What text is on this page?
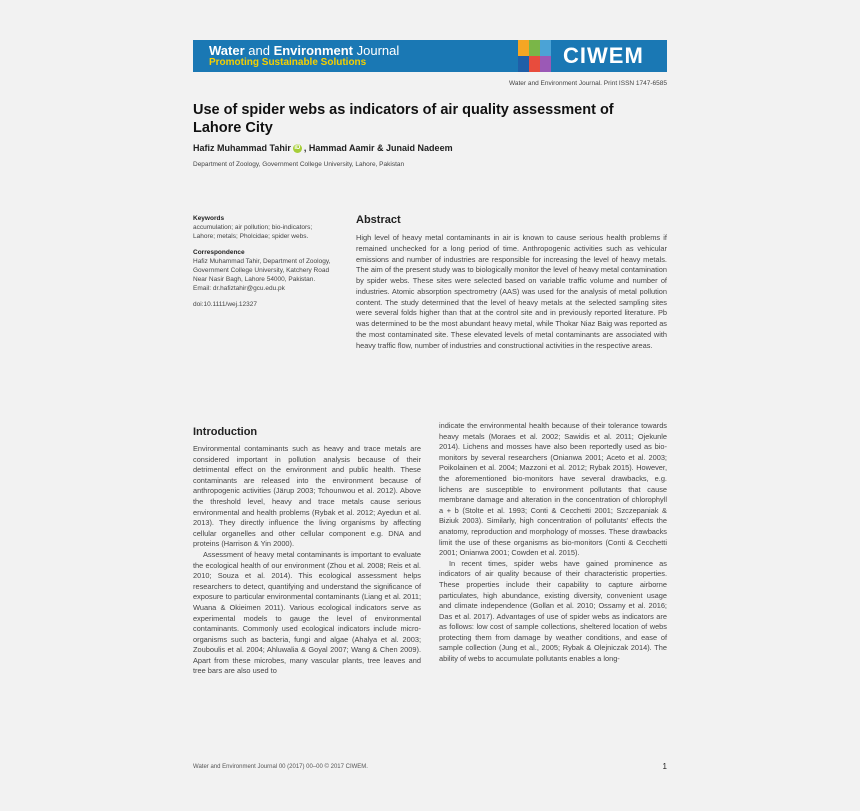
Water and Environment Journal
Promoting Sustainable Solutions	CIWEM
Water and Environment Journal. Print ISSN 1747-6585
Use of spider webs as indicators of air quality assessment of Lahore City
Hafiz Muhammad Tahir iD , Hammad Aamir & Junaid Nadeem
Department of Zoology, Government College University, Lahore, Pakistan

Keywords

accumulation; air pollution; bio-indicators; Lahore; metals; Pholcidae; spider webs.

Correspondence

Hafiz Muhammad Tahir, Department of Zoology, Government College University, Katchery Road Near Nasir Bagh, Lahore 54000, Pakistan.

Email: dr.hafiztahir@gcu.edu.pk

doi:10.1111/wej.12327

Abstract
High level of heavy metal contaminants in air is known to cause serious health problems if remained unchecked for a long period of time. Anthropogenic activities such as vehicular emissions and number of industries are responsible for increasing the level of heavy metals. The aim of the present study was to biologically monitor the level of heavy metal contamination by spider webs. These sites were selected based on variable traffic volume and number of industries. Atomic absorption spectrometry (AAS) was used for the analysis of metal pollution content. The study determined that the level of heavy metals at the selected sampling sites were several folds higher than that at the control site and in previously reported literature. Pb was determined to be the most abundant heavy metal, while Thokar Niaz Baig was reported as the most contaminated site. These elevated levels of metal contaminants are associated with heavy traffic flow, number of industries and constructional activities in the respective areas.
Introduction

Environmental contaminants such as heavy and trace metals are considered important in pollution analysis because of their detrimental effect on the environment and public health. These contaminants are released into the environment because of anthropogenic activities (Järup 2003; Tchounwou et al. 2012). Above the threshold level, heavy and trace metals cause serious environmental and health problems (Rybak et al. 2012; Ayedun et al. 2013). They directly influence the living organisms by affecting cellular organelles and other cellular component e.g. DNA and proteins (Harrison & Yin 2000).

Assessment of heavy metal contaminants is important to evaluate the ecological health of our environment (Zhou et al. 2008; Reis et al. 2010; Souza et al. 2014). This ecological assessment helps researchers to detect, quantifying and understand the significance of exposure to particular environmental contaminants (Liang et al. 2011; Wuana & Okieimen 2011). Various ecological indicators serve as experimental models to gauge the level of environmental contaminants. Commonly used ecological indicators include micro-organisms such as bacteria, fungi and algae (Ahalya et al. 2003; Zouboulis et al. 2004; Ahluwalia & Goyal 2007; Wang & Chen 2009). Apart from these microbes, many vascular plants, tree leaves and tree bars are also used to

indicate the environmental health because of their tolerance towards heavy metals (Moraes et al. 2002; Sawidis et al. 2011; Ojekunle 2014). Lichens and mosses have also been reportedly used as bio-monitors by several researchers (Onianwa 2001; Aceto et al. 2003; Poikolainen et al. 2004; Mazzoni et al. 2012; Rybak 2015). However, the aforementioned bio-monitors have several drawbacks, e.g. lichens are susceptible to environment pollutants that cause membrane damage and alteration in the concentration of chlorophyll a + b (Stolte et al. 1993; Conti & Cecchetti 2001; Szczepaniak & Biziuk 2003). Similarly, high concentration of pollutants' effects the anatomy, reproduction and morphology of mosses. These drawbacks limit the use of these organisms as bio-monitors (Conti & Cecchetti 2001; Onianwa 2001; Cowden et al. 2015).

In recent times, spider webs have gained prominence as indicators of air quality because of their characteristic properties. These properties include their capability to capture airborne particulates, high abundance, existing diversity, convenient usage and climate independence (Gollan et al. 2010; Ossamy et al. 2016; Das et al. 2017). Advantages of use of spider webs as indicators are as follows: low cost of sample collections, sheltered location of webs protecting them from damage by weather conditions, and ease of sample collection (Jung et al., 2005; Rybak & Olejniczak 2014). The ability of webs to accumulate pollutants enables a long-

Water and Environment Journal 00 (2017) 00–00 © 2017 CIWEM.	1
